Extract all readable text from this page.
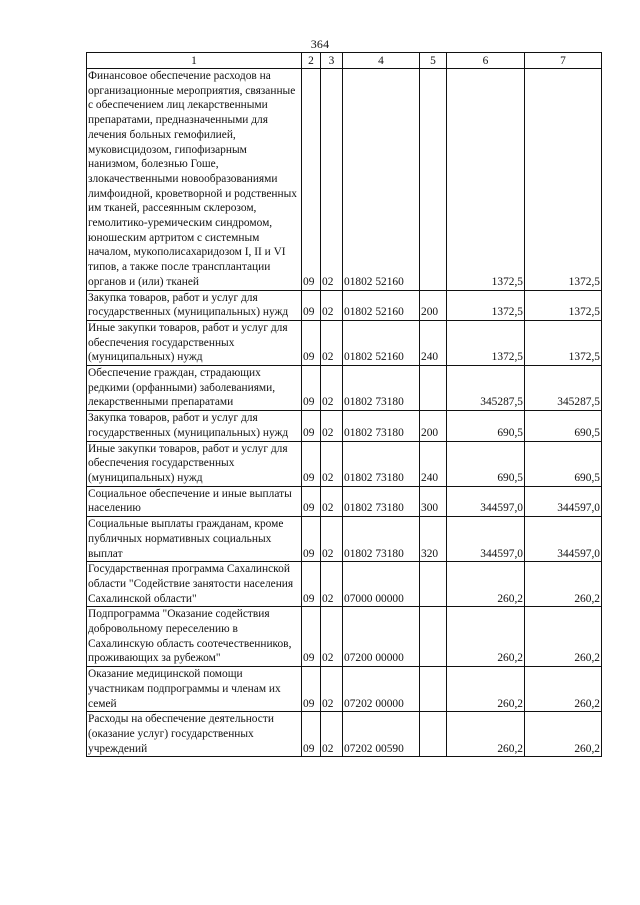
364
1	2	3	4	5	6	7
Финансовое обеспечение расходов на организационные мероприятия, связанные с обеспечением лиц лекарственными препаратами, предназначенными для лечения больных гемофилией, муковисцидозом, гипофизарным нанизмом, болезнью Гоше, злокачественными новообразованиями лимфоидной, кроветворной и родственных им тканей, рассеянным склерозом, гемолитико-уремическим синдромом, юношеским артритом с системным началом, мукополисахаридозом I, II и VI типов, а также после трансплантации органов и (или) тканей	09	02	01802 52160		1372,5	1372,5
Закупка товаров, работ и услуг для государственных (муниципальных) нужд	09	02	01802 52160	200	1372,5	1372,5
Иные закупки товаров, работ и услуг для обеспечения государственных (муниципальных) нужд	09	02	01802 52160	240	1372,5	1372,5
Обеспечение граждан, страдающих редкими (орфанными) заболеваниями, лекарственными препаратами	09	02	01802 73180		345287,5	345287,5
Закупка товаров, работ и услуг для государственных (муниципальных) нужд	09	02	01802 73180	200	690,5	690,5
Иные закупки товаров, работ и услуг для обеспечения государственных (муниципальных) нужд	09	02	01802 73180	240	690,5	690,5
Социальное обеспечение и иные выплаты населению	09	02	01802 73180	300	344597,0	344597,0
Социальные выплаты гражданам, кроме публичных нормативных социальных выплат	09	02	01802 73180	320	344597,0	344597,0
Государственная программа Сахалинской области "Содействие занятости населения Сахалинской области"	09	02	07000 00000		260,2	260,2
Подпрограмма "Оказание содействия добровольному переселению в Сахалинскую область соотечественников, проживающих за рубежом"	09	02	07200 00000		260,2	260,2
Оказание медицинской помощи участникам подпрограммы и членам их семей	09	02	07202 00000		260,2	260,2
Расходы на обеспечение деятельности (оказание услуг) государственных учреждений	09	02	07202 00590		260,2	260,2
